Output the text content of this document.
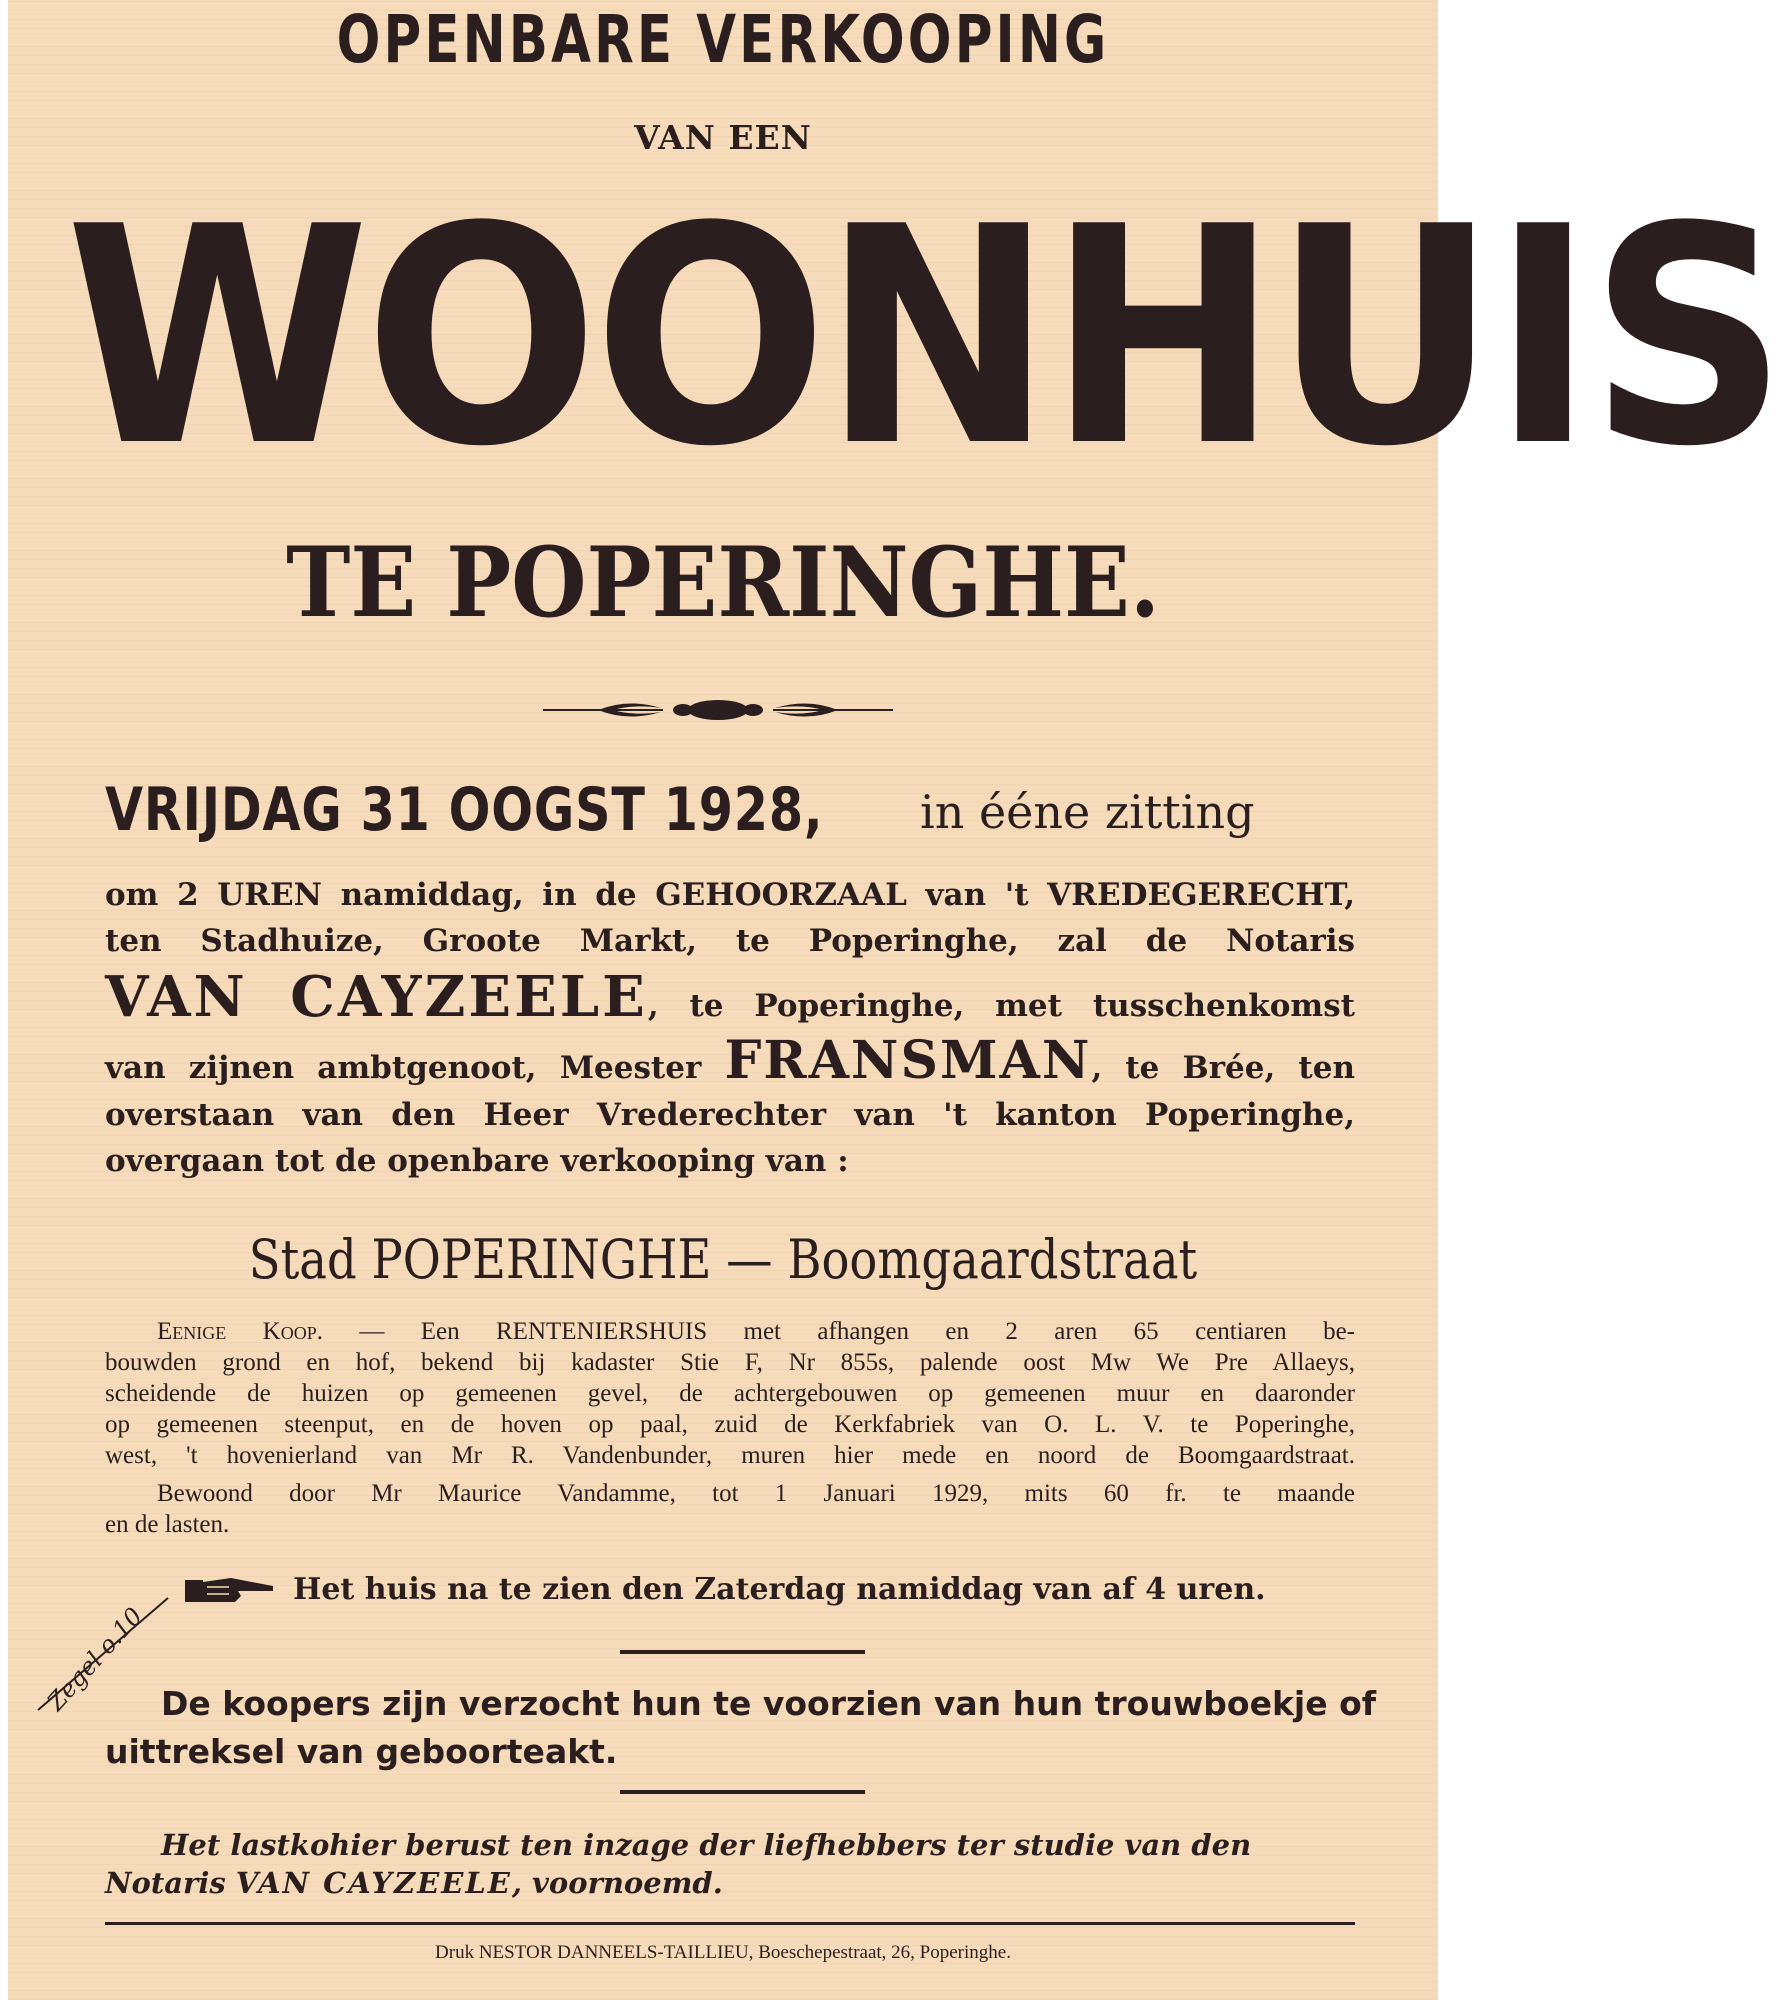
OPENBARE VERKOOPING
VAN EEN
WOONHUIS
TE POPERINGHE.
VRIJDAG 31 OOGST 1928, in ééne zitting
om 2 UREN namiddag, in de GEHOORZAAL van 't VREDEGERECHT,
ten Stadhuize, Groote Markt, te Poperinghe, zal de Notaris
VAN CAYZEELE, te Poperinghe, met tusschenkomst
van zijnen ambtgenoot, Meester FRANSMAN, te Brée, ten
overstaan van den Heer Vrederechter van 't kanton Poperinghe,
overgaan tot de openbare verkooping van :
Stad POPERINGHE — Boomgaardstraat
Eenige Koop. — Een RENTENIERSHUIS met afhangen en 2 aren 65 centiaren be-
bouwden grond en hof, bekend bij kadaster Stie F, Nr 855s, palende oost Mw We Pre Allaeys,
scheidende de huizen op gemeenen gevel, de achtergebouwen op gemeenen muur en daaronder
op gemeenen steenput, en de hoven op paal, zuid de Kerkfabriek van O. L. V. te Poperinghe,
west, 't hovenierland van Mr R. Vandenbunder, muren hier mede en noord de Boomgaardstraat.
Bewoond door Mr Maurice Vandamme, tot 1 Januari 1929, mits 60 fr. te maande
en de lasten.
Zegel o.10
Het huis na te zien den Zaterdag namiddag van af 4 uren.
De koopers zijn verzocht hun te voorzien van hun trouwboekje of
uittreksel van geboorteakt.
Het lastkohier berust ten inzage der liefhebbers ter studie van den
Notaris VAN CAYZEELE, voornoemd.
Druk NESTOR DANNEELS-TAILLIEU, Boeschepestraat, 26, Poperinghe.
